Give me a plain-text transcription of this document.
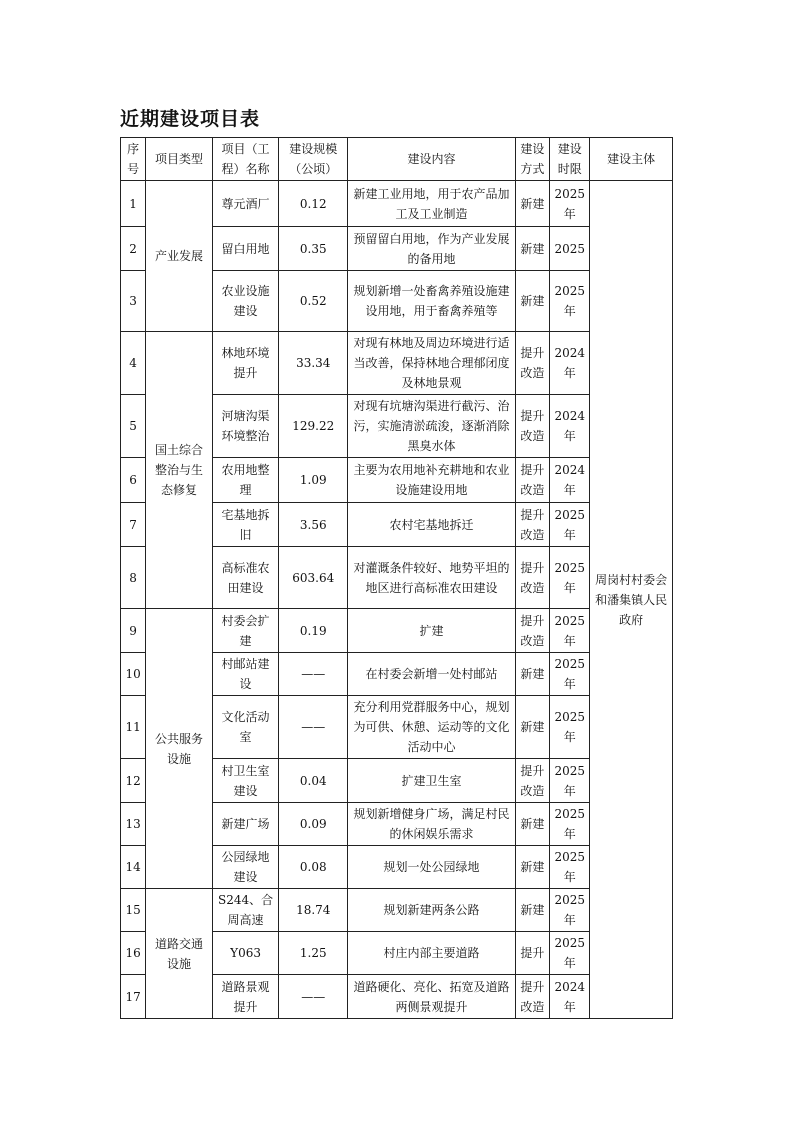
近期建设项目表
序号	项目类型	项目（工程）名称	建设规模（公顷）	建设内容	建设方式	建设时限	建设主体
1	产业发展	尊元酒厂	0.12	新建工业用地，用于农产品加工及工业制造	新建	2025年	周岗村村委会和潘集镇人民政府
2		留白用地	0.35	预留留白用地，作为产业发展的备用地	新建	2025	
3		农业设施建设	0.52	规划新增一处畜禽养殖设施建设用地，用于畜禽养殖等	新建	2025年	
4	国土综合整治与生态修复	林地环境提升	33.34	对现有林地及周边环境进行适当改善，保持林地合理郁闭度及林地景观	提升改造	2024年	
5		河塘沟渠环境整治	129.22	对现有坑塘沟渠进行截污、治污，实施清淤疏浚，逐渐消除黑臭水体	提升改造	2024年	
6		农用地整理	1.09	主要为农用地补充耕地和农业设施建设用地	提升改造	2024年	
7		宅基地拆旧	3.56	农村宅基地拆迁	提升改造	2025年	
8		高标准农田建设	603.64	对灌溉条件较好、地势平坦的地区进行高标准农田建设	提升改造	2025年	
9	公共服务设施	村委会扩建	0.19	扩建	提升改造	2025年	
10		村邮站建设	——	在村委会新增一处村邮站	新建	2025年	
11		文化活动室	——	充分利用党群服务中心，规划为可供、休憩、运动等的文化活动中心	新建	2025年	
12		村卫生室建设	0.04	扩建卫生室	提升改造	2025年	
13		新建广场	0.09	规划新增健身广场，满足村民的休闲娱乐需求	新建	2025年	
14		公园绿地建设	0.08	规划一处公园绿地	新建	2025年	
15	道路交通设施	S244、合周高速	18.74	规划新建两条公路	新建	2025年	
16		Y063	1.25	村庄内部主要道路	提升	2025年	
17		道路景观提升	——	道路硬化、亮化、拓宽及道路两侧景观提升	提升改造	2024年	
